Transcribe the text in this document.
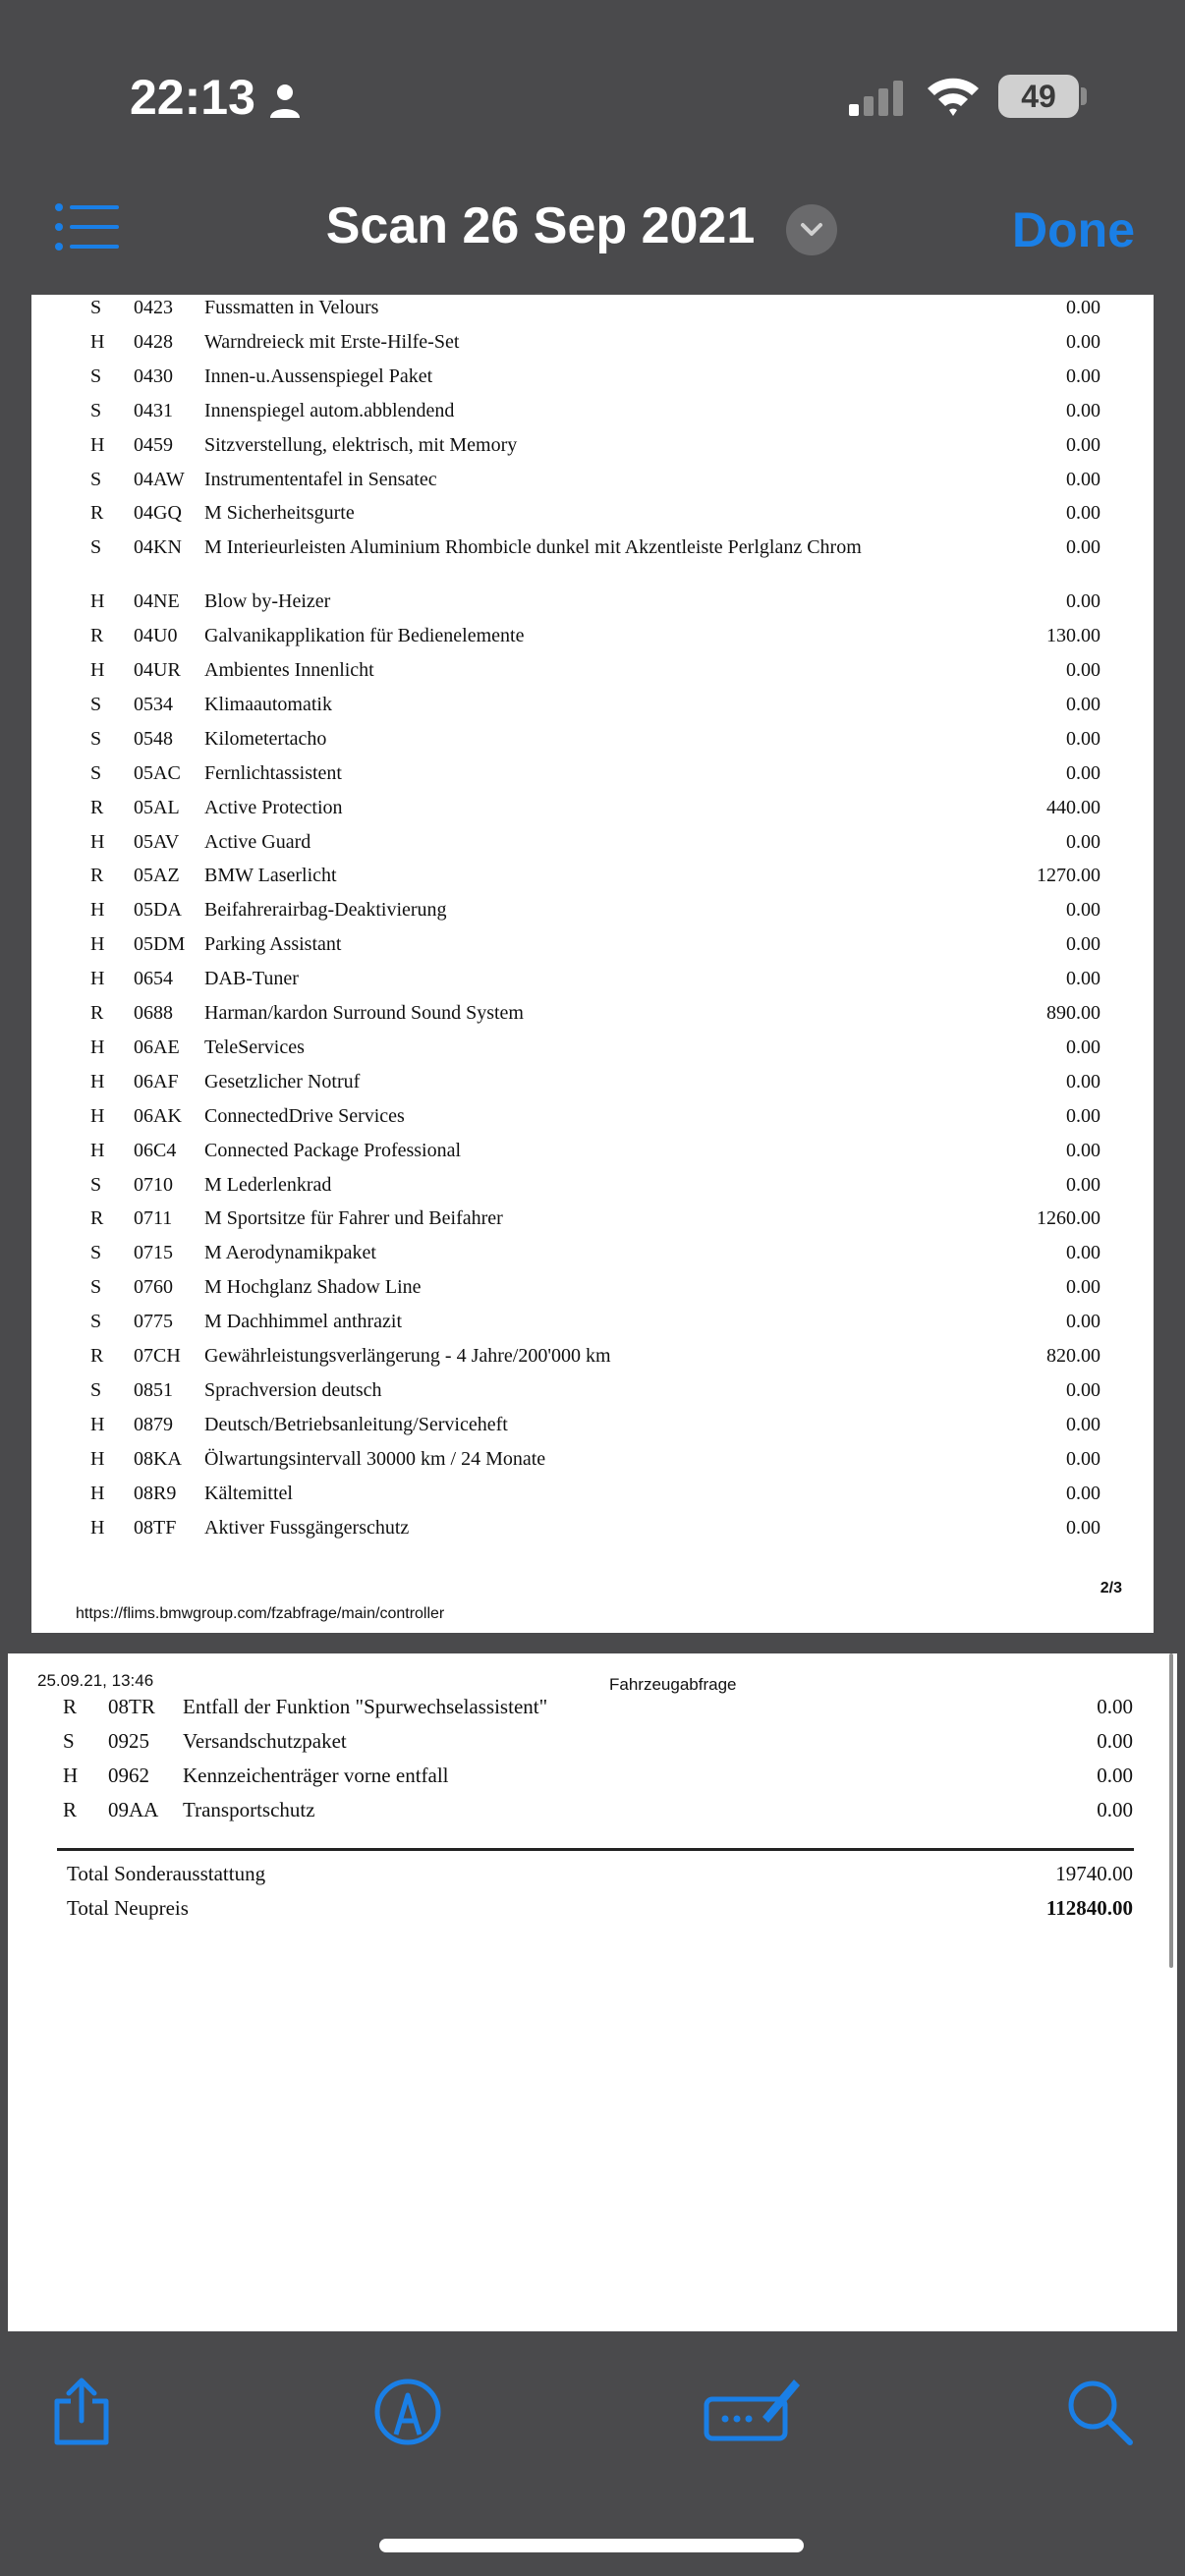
22:13	49
Scan 26 Sep 2021	Done
S 0423 Fussmatten in Velours	0.00
H 0428 Warndreieck mit Erste-Hilfe-Set	0.00
S 0430 Innen-u.Aussenspiegel Paket	0.00
S 0431 Innenspiegel autom.abblendend	0.00
H 0459 Sitzverstellung, elektrisch, mit Memory	0.00
S 04AW Instrumententafel in Sensatec	0.00
R 04GQ M Sicherheitsgurte	0.00
S 04KN M Interieurleisten Aluminium Rhombicle dunkel mit Akzentleiste Perlglanz Chrom	0.00
H 04NE Blow by-Heizer	0.00
R 04U0 Galvanikapplikation für Bedienelemente	130.00
H 04UR Ambientes Innenlicht	0.00
S 0534 Klimaautomatik	0.00
S 0548 Kilometertacho	0.00
S 05AC Fernlichtassistent	0.00
R 05AL Active Protection	440.00
H 05AV Active Guard	0.00
R 05AZ BMW Laserlicht	1270.00
H 05DA Beifahrerairbag-Deaktivierung	0.00
H 05DM Parking Assistant	0.00
H 0654 DAB-Tuner	0.00
R 0688 Harman/kardon Surround Sound System	890.00
H 06AE TeleServices	0.00
H 06AF Gesetzlicher Notruf	0.00
H 06AK ConnectedDrive Services	0.00
H 06C4 Connected Package Professional	0.00
S 0710 M Lederlenkrad	0.00
R 0711 M Sportsitze für Fahrer und Beifahrer	1260.00
S 0715 M Aerodynamikpaket	0.00
S 0760 M Hochglanz Shadow Line	0.00
S 0775 M Dachhimmel anthrazit	0.00
R 07CH Gewährleistungsverlängerung - 4 Jahre/200'000 km	820.00
S 0851 Sprachversion deutsch	0.00
H 0879 Deutsch/Betriebsanleitung/Serviceheft	0.00
H 08KA Ölwartungsintervall 30000 km / 24 Monate	0.00
H 08R9 Kältemittel	0.00
H 08TF Aktiver Fussgängerschutz	0.00
https://flims.bmwgroup.com/fzabfrage/main/controller
2/3
25.09.21, 13:46	Fahrzeugabfrage
R 08TR Entfall der Funktion "Spurwechselassistent"	0.00
S 0925 Versandschutzpaket	0.00
H 0962 Kennzeichenträger vorne entfall	0.00
R 09AA Transportschutz	0.00
Total Sonderausstattung	19740.00
Total Neupreis	112840.00
